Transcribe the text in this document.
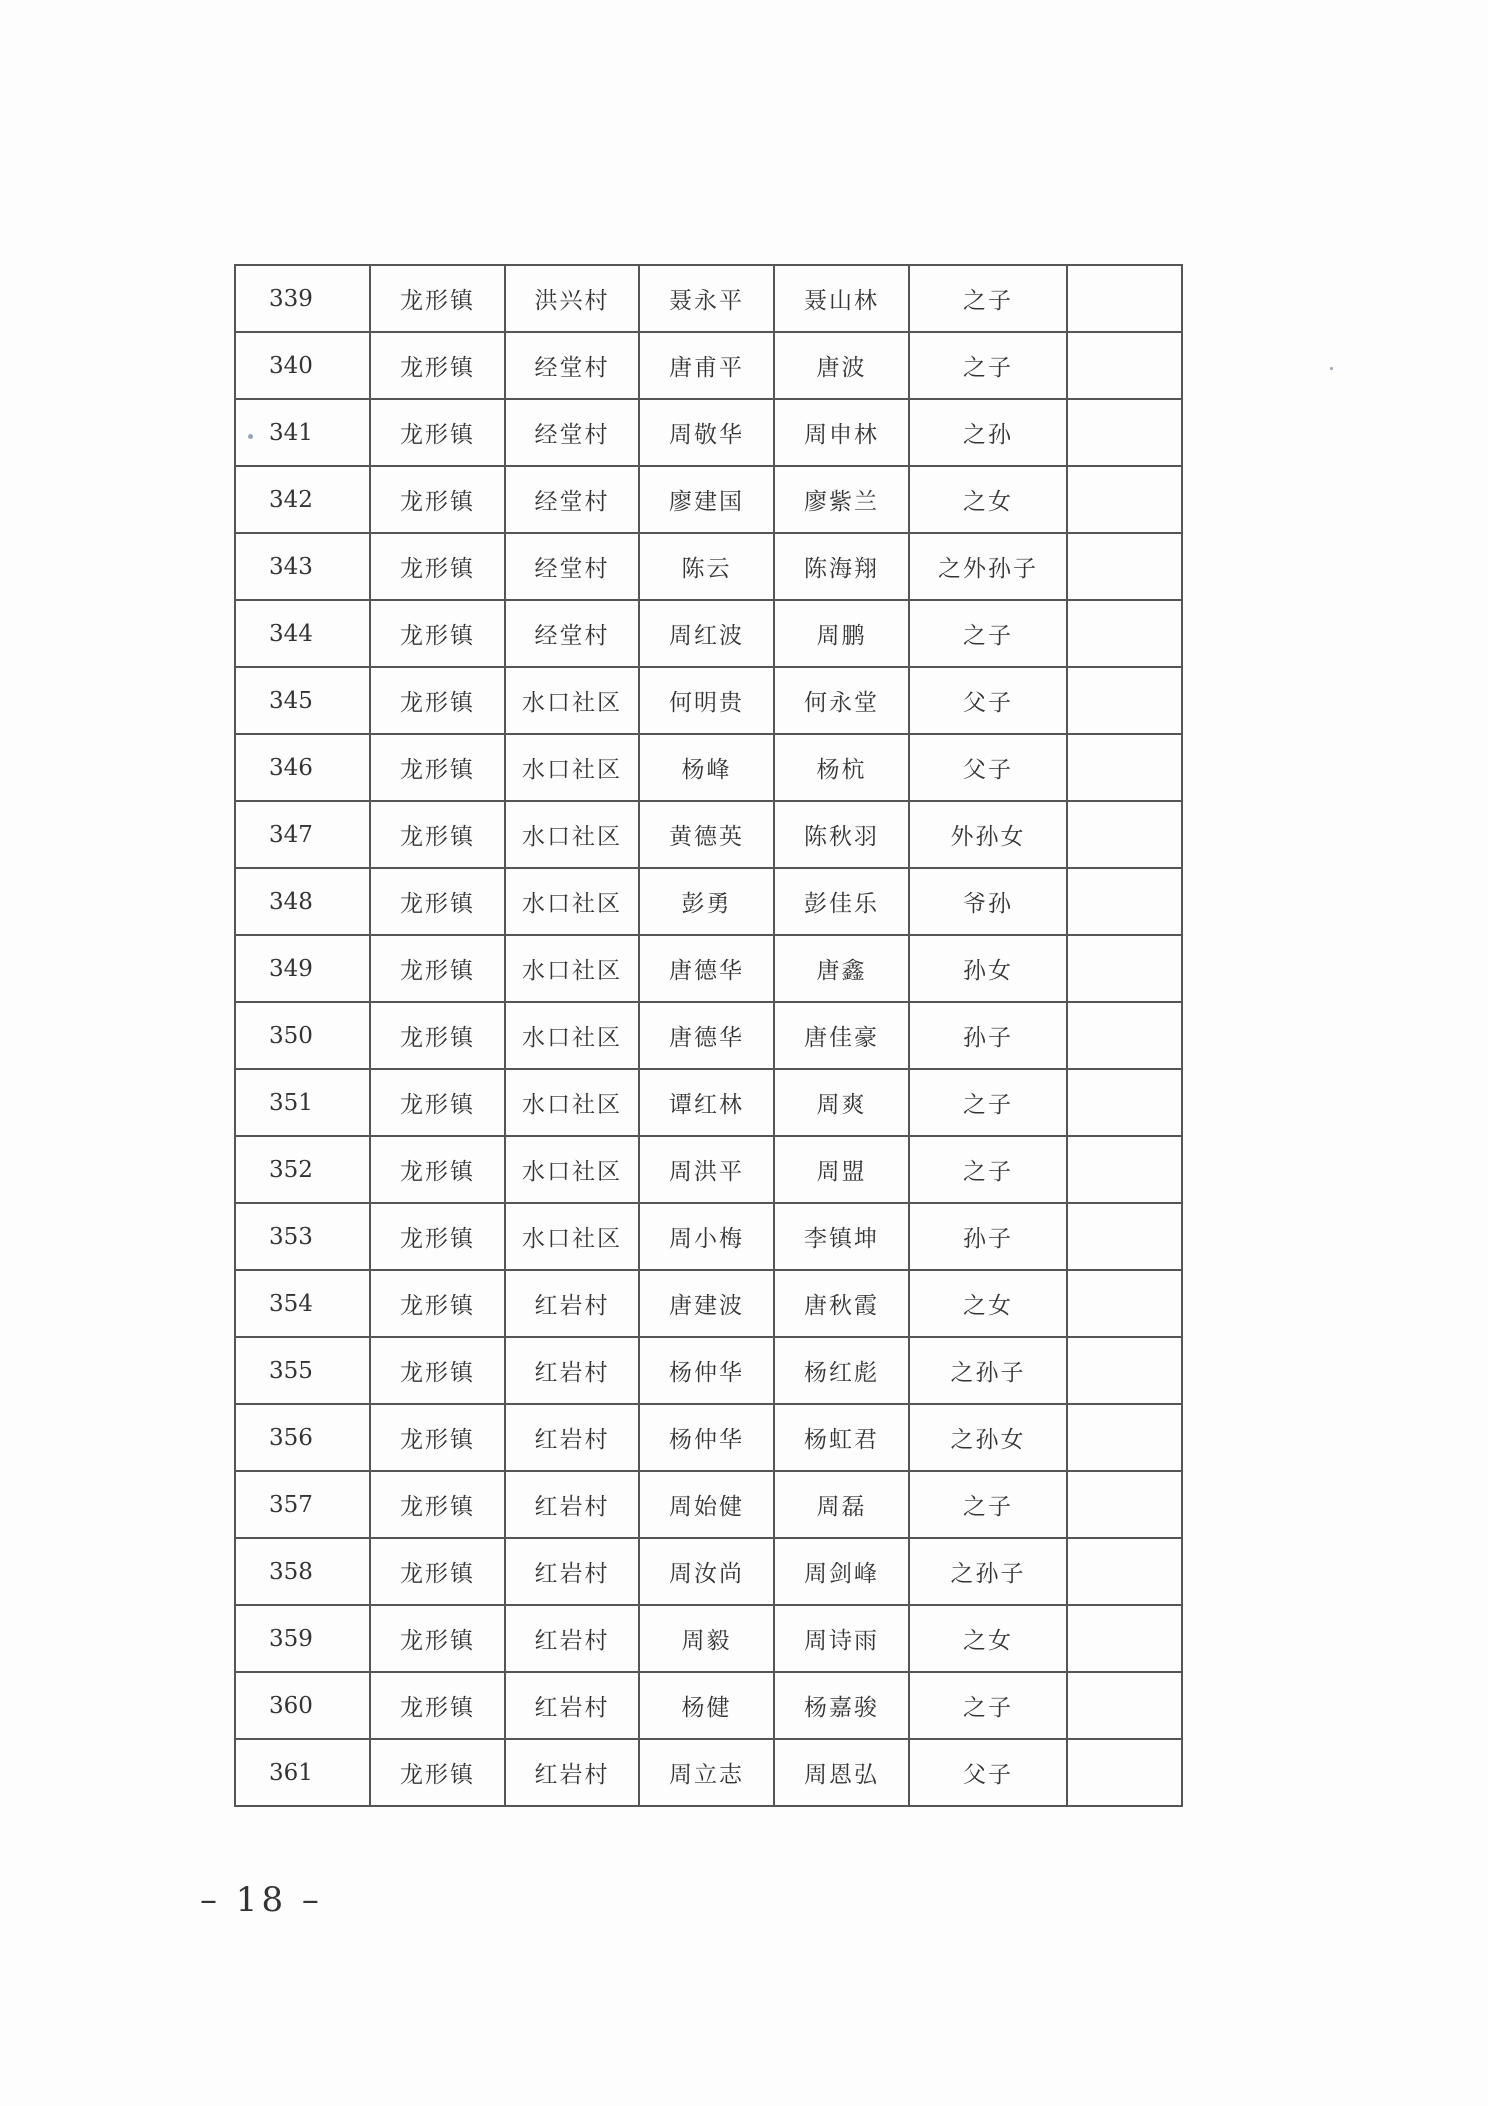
339	龙形镇	洪兴村	聂永平	聂山林	之子	
340	龙形镇	经堂村	唐甫平	唐波	之子	
341	龙形镇	经堂村	周敬华	周申林	之孙	
342	龙形镇	经堂村	廖建国	廖紫兰	之女	
343	龙形镇	经堂村	陈云	陈海翔	之外孙子	
344	龙形镇	经堂村	周红波	周鹏	之子	
345	龙形镇	水口社区	何明贵	何永堂	父子	
346	龙形镇	水口社区	杨峰	杨杭	父子	
347	龙形镇	水口社区	黄德英	陈秋羽	外孙女	
348	龙形镇	水口社区	彭勇	彭佳乐	爷孙	
349	龙形镇	水口社区	唐德华	唐鑫	孙女	
350	龙形镇	水口社区	唐德华	唐佳豪	孙子	
351	龙形镇	水口社区	谭红林	周爽	之子	
352	龙形镇	水口社区	周洪平	周盟	之子	
353	龙形镇	水口社区	周小梅	李镇坤	孙子	
354	龙形镇	红岩村	唐建波	唐秋霞	之女	
355	龙形镇	红岩村	杨仲华	杨红彪	之孙子	
356	龙形镇	红岩村	杨仲华	杨虹君	之孙女	
357	龙形镇	红岩村	周始健	周磊	之子	
358	龙形镇	红岩村	周汝尚	周剑峰	之孙子	
359	龙形镇	红岩村	周毅	周诗雨	之女	
360	龙形镇	红岩村	杨健	杨嘉骏	之子	
361	龙形镇	红岩村	周立志	周恩弘	父子	
– 18 –
